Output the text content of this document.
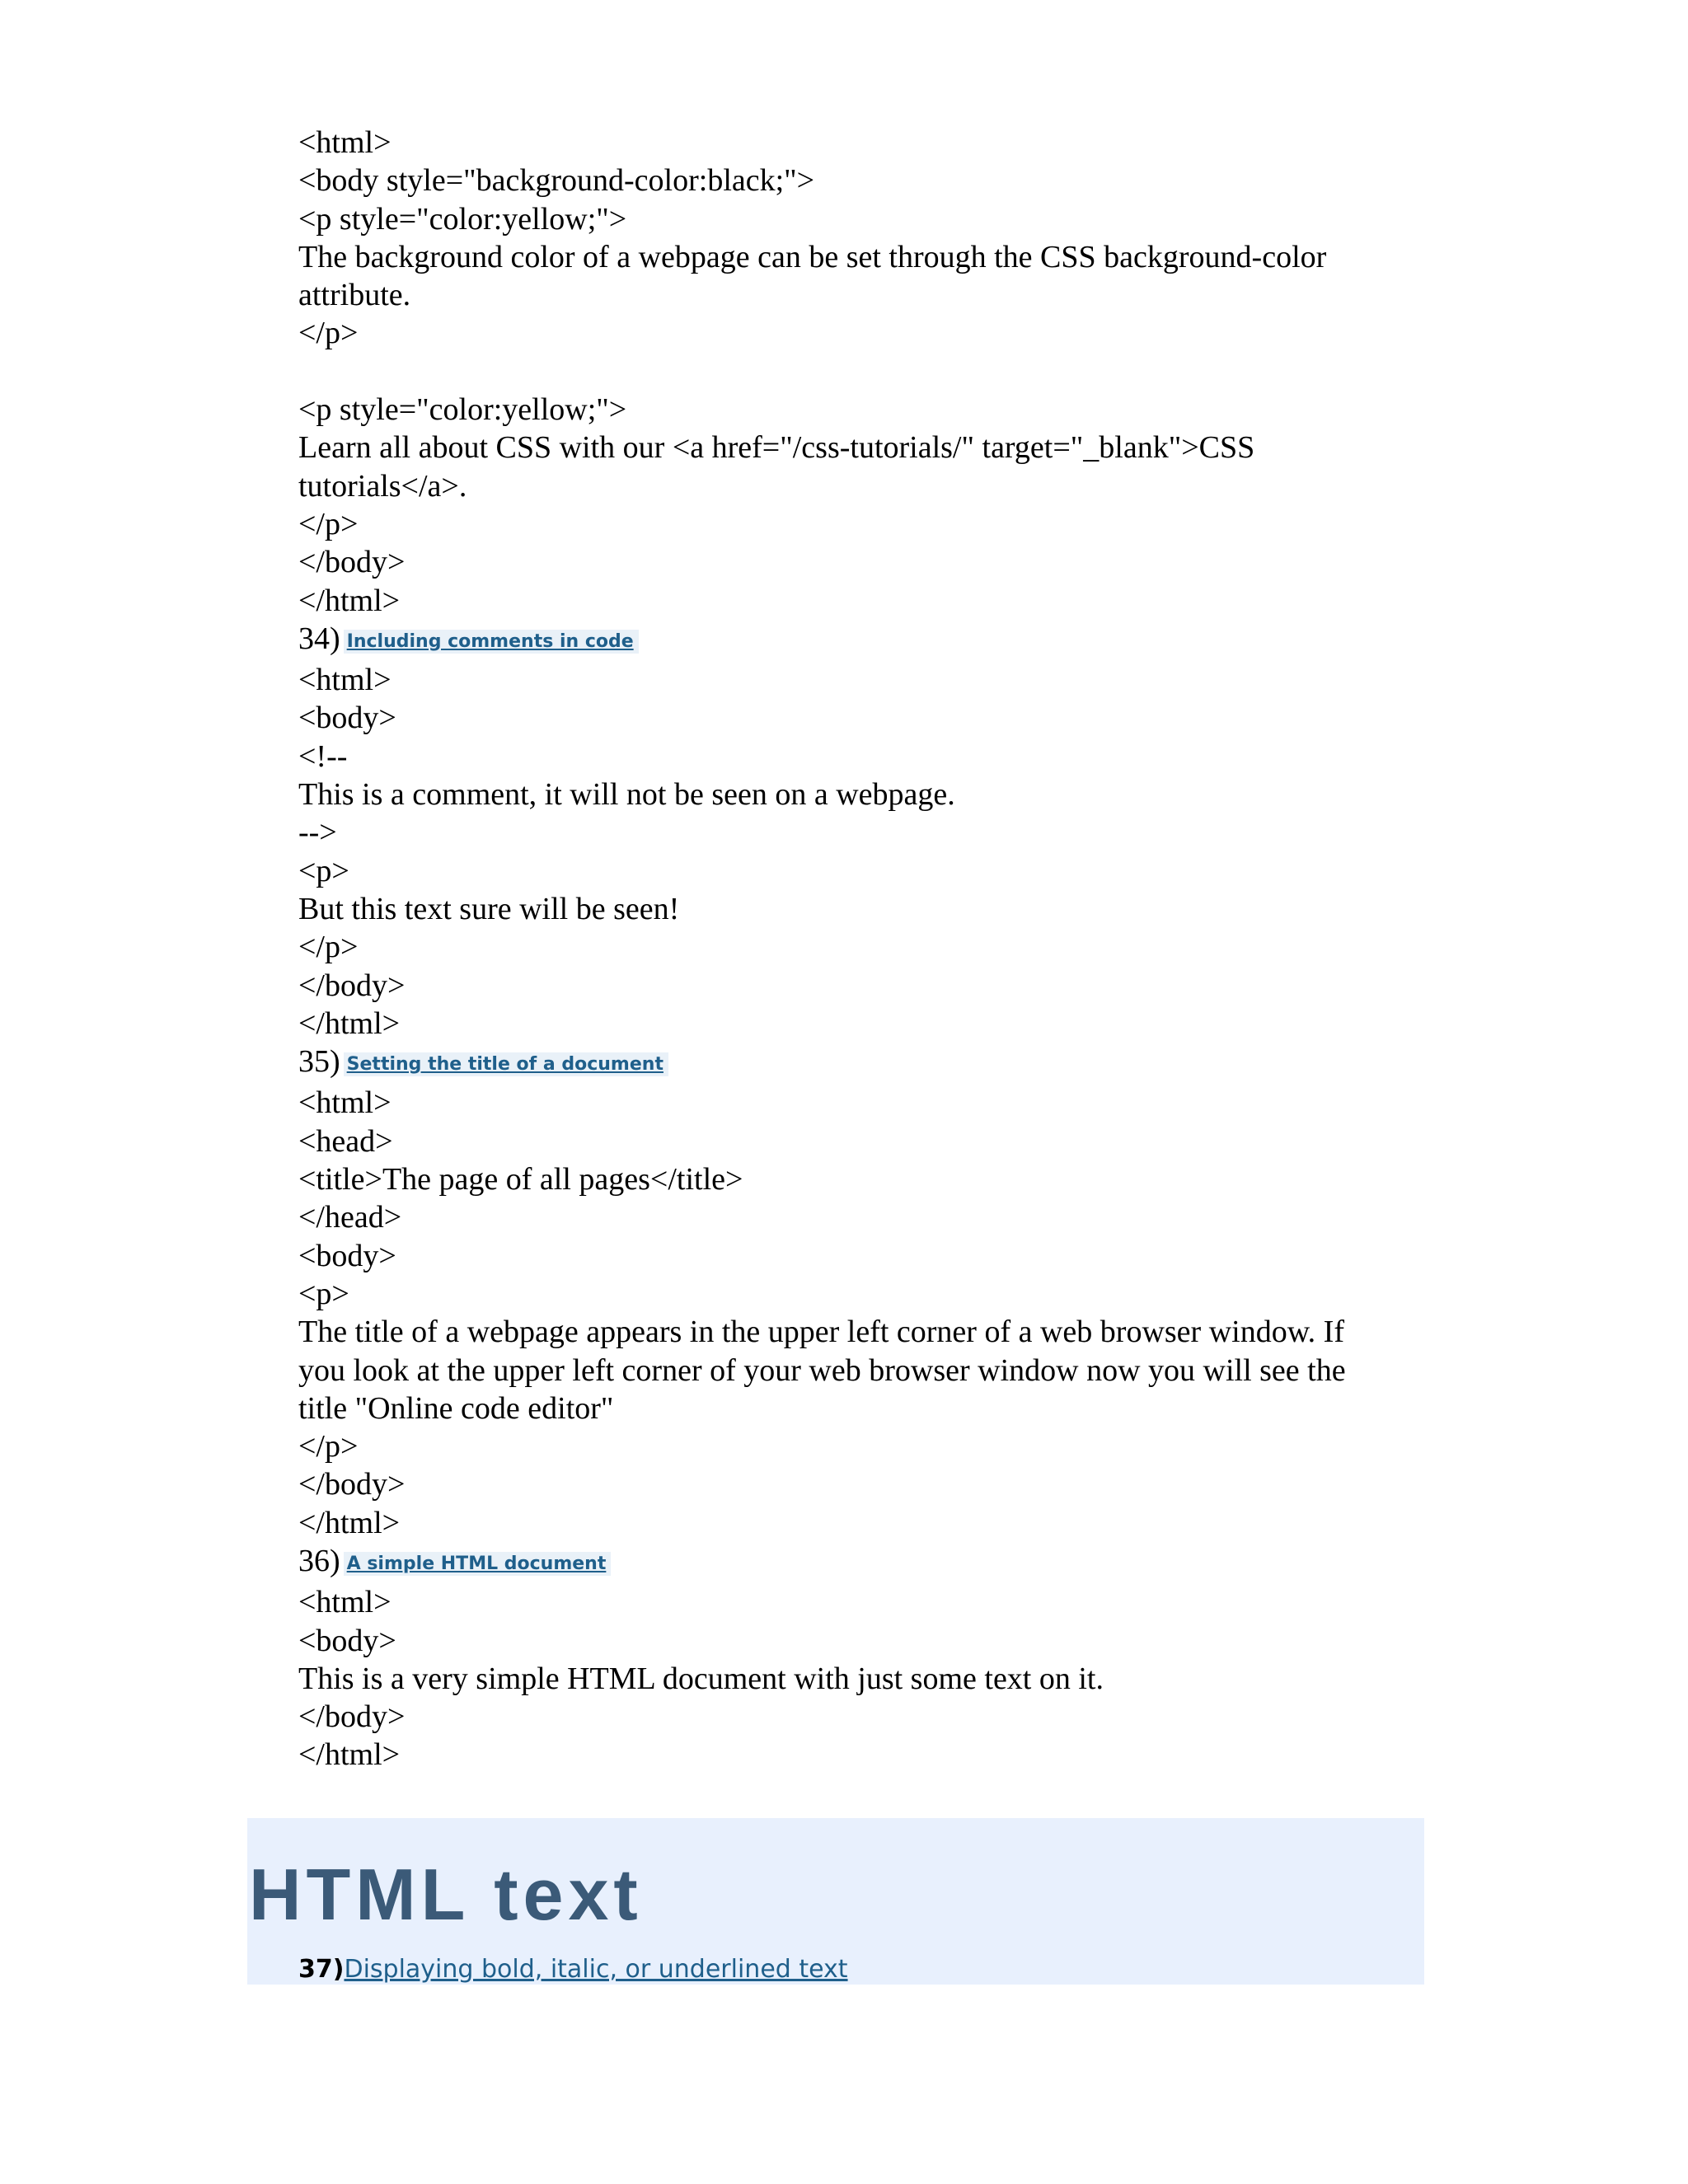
<html>
<body style="background-color:black;">
<p style="color:yellow;">
The background color of a webpage can be set through the CSS background-color
attribute.
</p>
<p style="color:yellow;">
Learn all about CSS with our <a href="/css-tutorials/" target="_blank">CSS
tutorials</a>.
</p>
</body>
</html>
34) Including comments in code
<html>
<body>
<!--
This is a comment, it will not be seen on a webpage.
-->
<p>
But this text sure will be seen!
</p>
</body>
</html>
35) Setting the title of a document
<html>
<head>
<title>The page of all pages</title>
</head>
<body>
<p>
The title of a webpage appears in the upper left corner of a web browser window. If
you look at the upper left corner of your web browser window now you will see the
title "Online code editor"
</p>
</body>
</html>
36) A simple HTML document
<html>
<body>
This is a very simple HTML document with just some text on it.
</body>
</html>
HTML text
37)Displaying bold, italic, or underlined text
